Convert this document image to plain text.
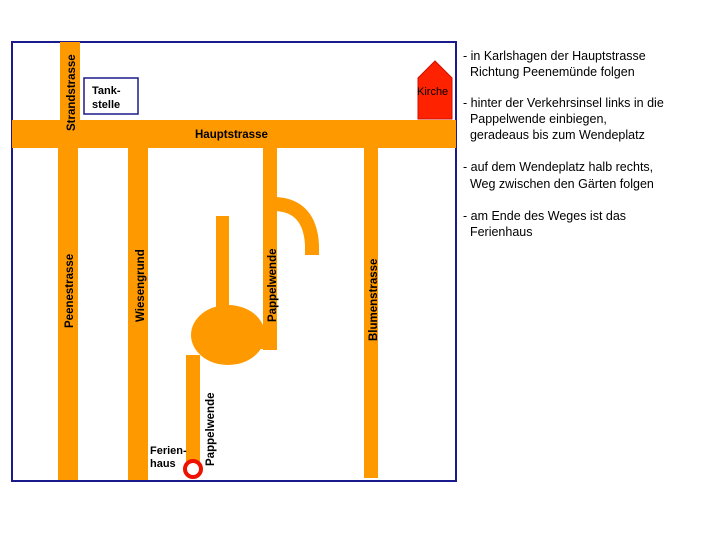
Tank-
stelle
Kirche
Ferien-
haus
Hauptstrasse
Strandstrasse
Peenestrasse	Wiesengrund	Pappelwende	Blumenstrasse
Pappelwende
- in Karlshagen der Hauptstrasse
Richtung Peenemünde folgen
- hinter der Verkehrsinsel links in die
Pappelwende einbiegen,
geradeaus bis zum Wendeplatz
- auf dem Wendeplatz halb rechts,
Weg zwischen den Gärten folgen
- am Ende des Weges ist das
Ferienhaus
